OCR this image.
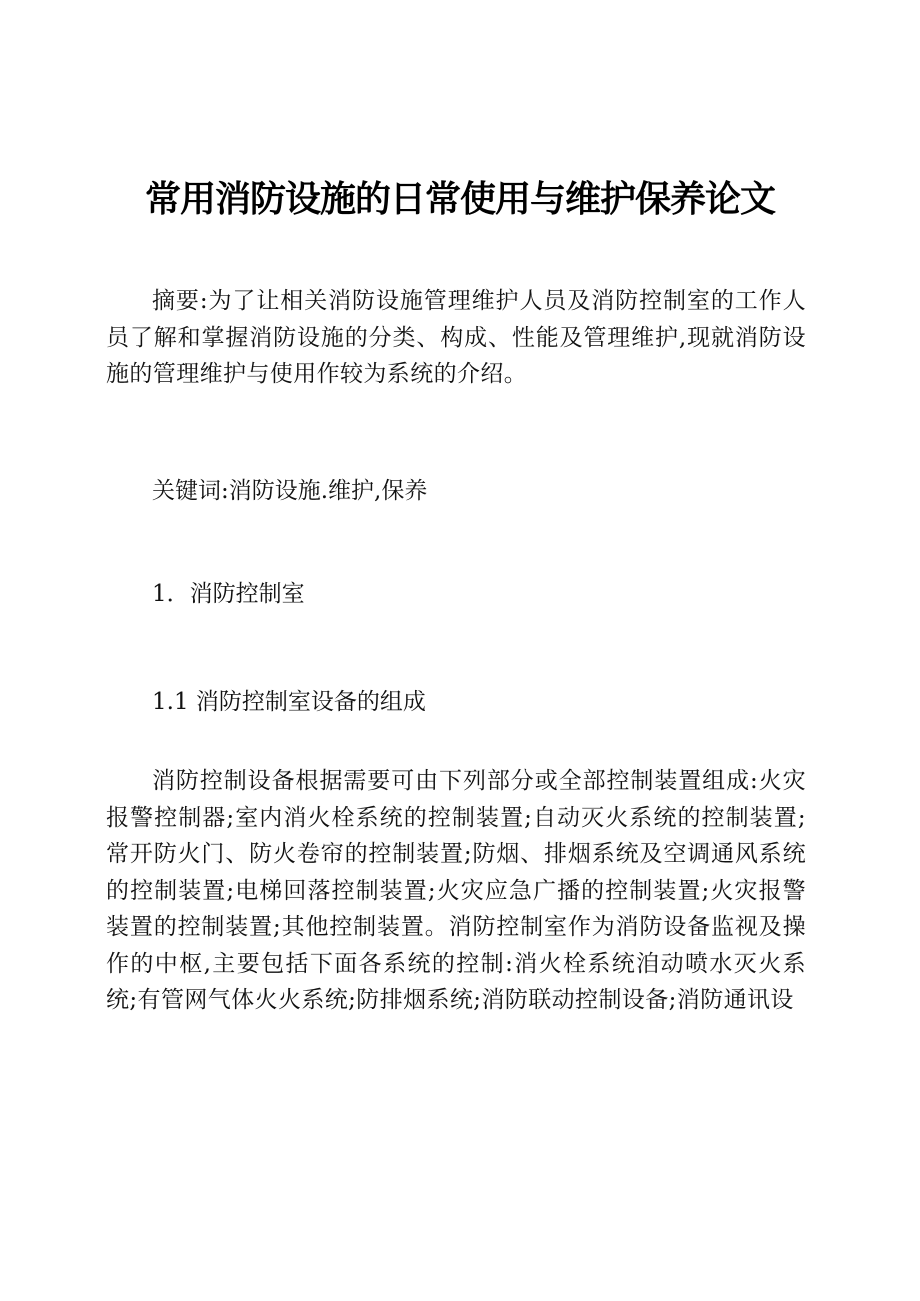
常用消防设施的日常使用与维护保养论文
摘要:为了让相关消防设施管理维护人员及消防控制室的工作人员了解和掌握消防设施的分类、构成、性能及管理维护,现就消防设施的管理维护与使用作较为系统的介绍。
关键词:消防设施.维护,保养
1．消防控制室
1.1 消防控制室设备的组成
消防控制设备根据需要可由下列部分或全部控制装置组成:火灾报警控制器;室内消火栓系统的控制装置;自动灭火系统的控制装置;常开防火门、防火卷帘的控制装置;防烟、排烟系统及空调通风系统的控制装置;电梯回落控制装置;火灾应急广播的控制装置;火灾报警装置的控制装置;其他控制装置。消防控制室作为消防设备监视及操作的中枢,主要包括下面各系统的控制:消火栓系统洎动喷水灭火系统;有管网气体火火系统;防排烟系统;消防联动控制设备;消防通讯设
